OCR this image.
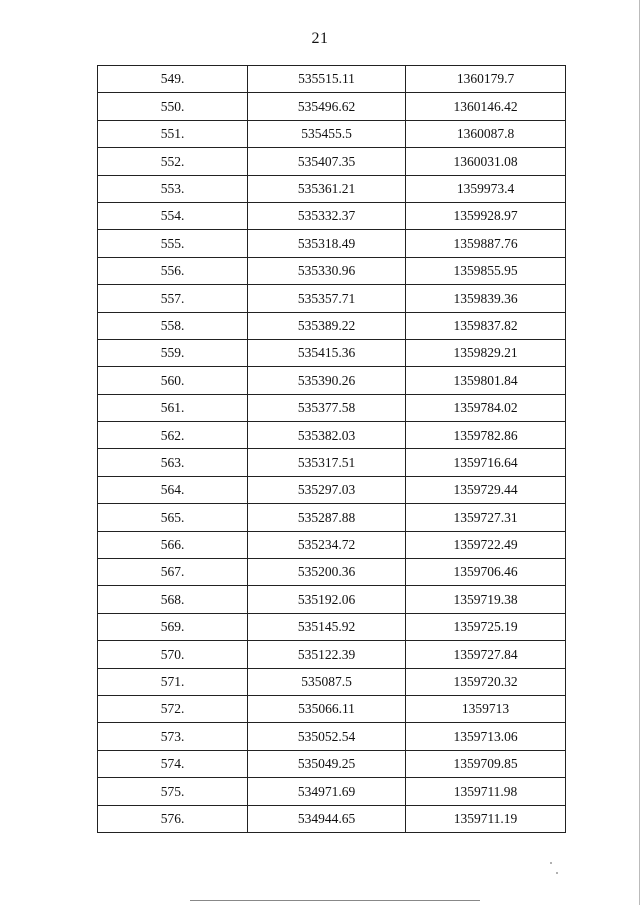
21
549.	535515.11	1360179.7
550.	535496.62	1360146.42
551.	535455.5	1360087.8
552.	535407.35	1360031.08
553.	535361.21	1359973.4
554.	535332.37	1359928.97
555.	535318.49	1359887.76
556.	535330.96	1359855.95
557.	535357.71	1359839.36
558.	535389.22	1359837.82
559.	535415.36	1359829.21
560.	535390.26	1359801.84
561.	535377.58	1359784.02
562.	535382.03	1359782.86
563.	535317.51	1359716.64
564.	535297.03	1359729.44
565.	535287.88	1359727.31
566.	535234.72	1359722.49
567.	535200.36	1359706.46
568.	535192.06	1359719.38
569.	535145.92	1359725.19
570.	535122.39	1359727.84
571.	535087.5	1359720.32
572.	535066.11	1359713
573.	535052.54	1359713.06
574.	535049.25	1359709.85
575.	534971.69	1359711.98
576.	534944.65	1359711.19
